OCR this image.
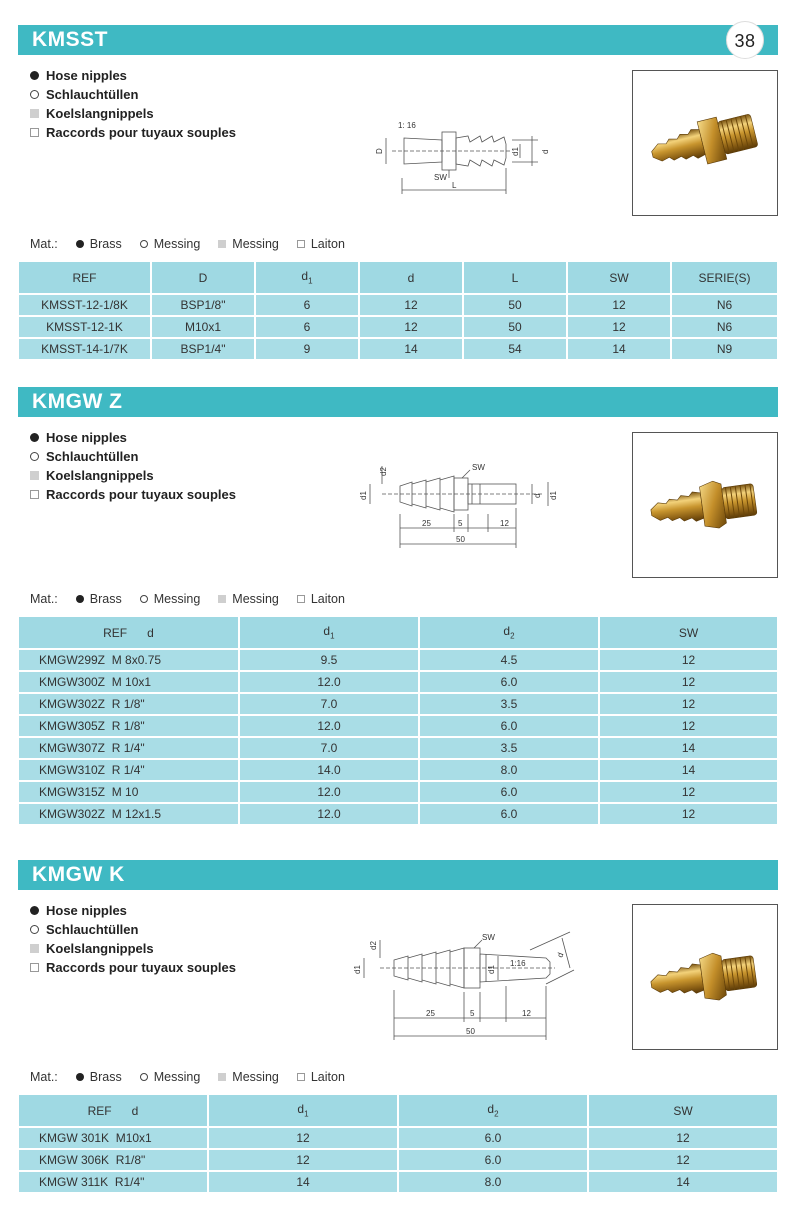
KMSST	38
Hose nipples
Schlauchtüllen
Koelslangnippels
Raccords pour tuyaux souples	1: 16
D	d1	d
SW
L
Mat.:	Brass	Messing	Messing	Laiton
REF	D	$d_1$	d	L	SW	SERIE(S)
KMSST-12-1/8K	BSP1/8"	6	12	50	12	N6
KMSST-12-1K	M10x1	6	12	50	12	N6
KMSST-14-1/7K	BSP1/4"	9	14	54	14	N9
KMGW Z
Hose nipples
Schlauchtüllen
Koelslangnippels
Raccords pour tuyaux souples
d2
d1
SW
d d1
25	5	12
50
Mat.:	Brass	Messing	Messing	Laiton
REF d	$d_1$	$d_2$	SW
KMGW299Z M 8x0.75	9.5	4.5	12
KMGW300Z M 10x1	12.0	6.0	12
KMGW302Z R 1/8"	7.0	3.5	12
KMGW305Z R 1/8"	12.0	6.0	12
KMGW307Z R 1/4"	7.0	3.5	14
KMGW310Z R 1/4"	14.0	8.0	14
KMGW315Z M 10	12.0	6.0	12
KMGW302Z M 12x1.5	12.0	6.0	12
KMGW K
Hose nipples
Schlauchtüllen
Koelslangnippels
Raccords pour tuyaux souples
d2
d1
SW
d1
1:16
d
25	5	12
50
Mat.:	Brass	Messing	Messing	Laiton
REF d	$d_1$	$d_2$	SW
KMGW 301K M10x1	12	6.0	12
KMGW 306K R1/8"	12	6.0	12
KMGW 311K R1/4"	14	8.0	14
